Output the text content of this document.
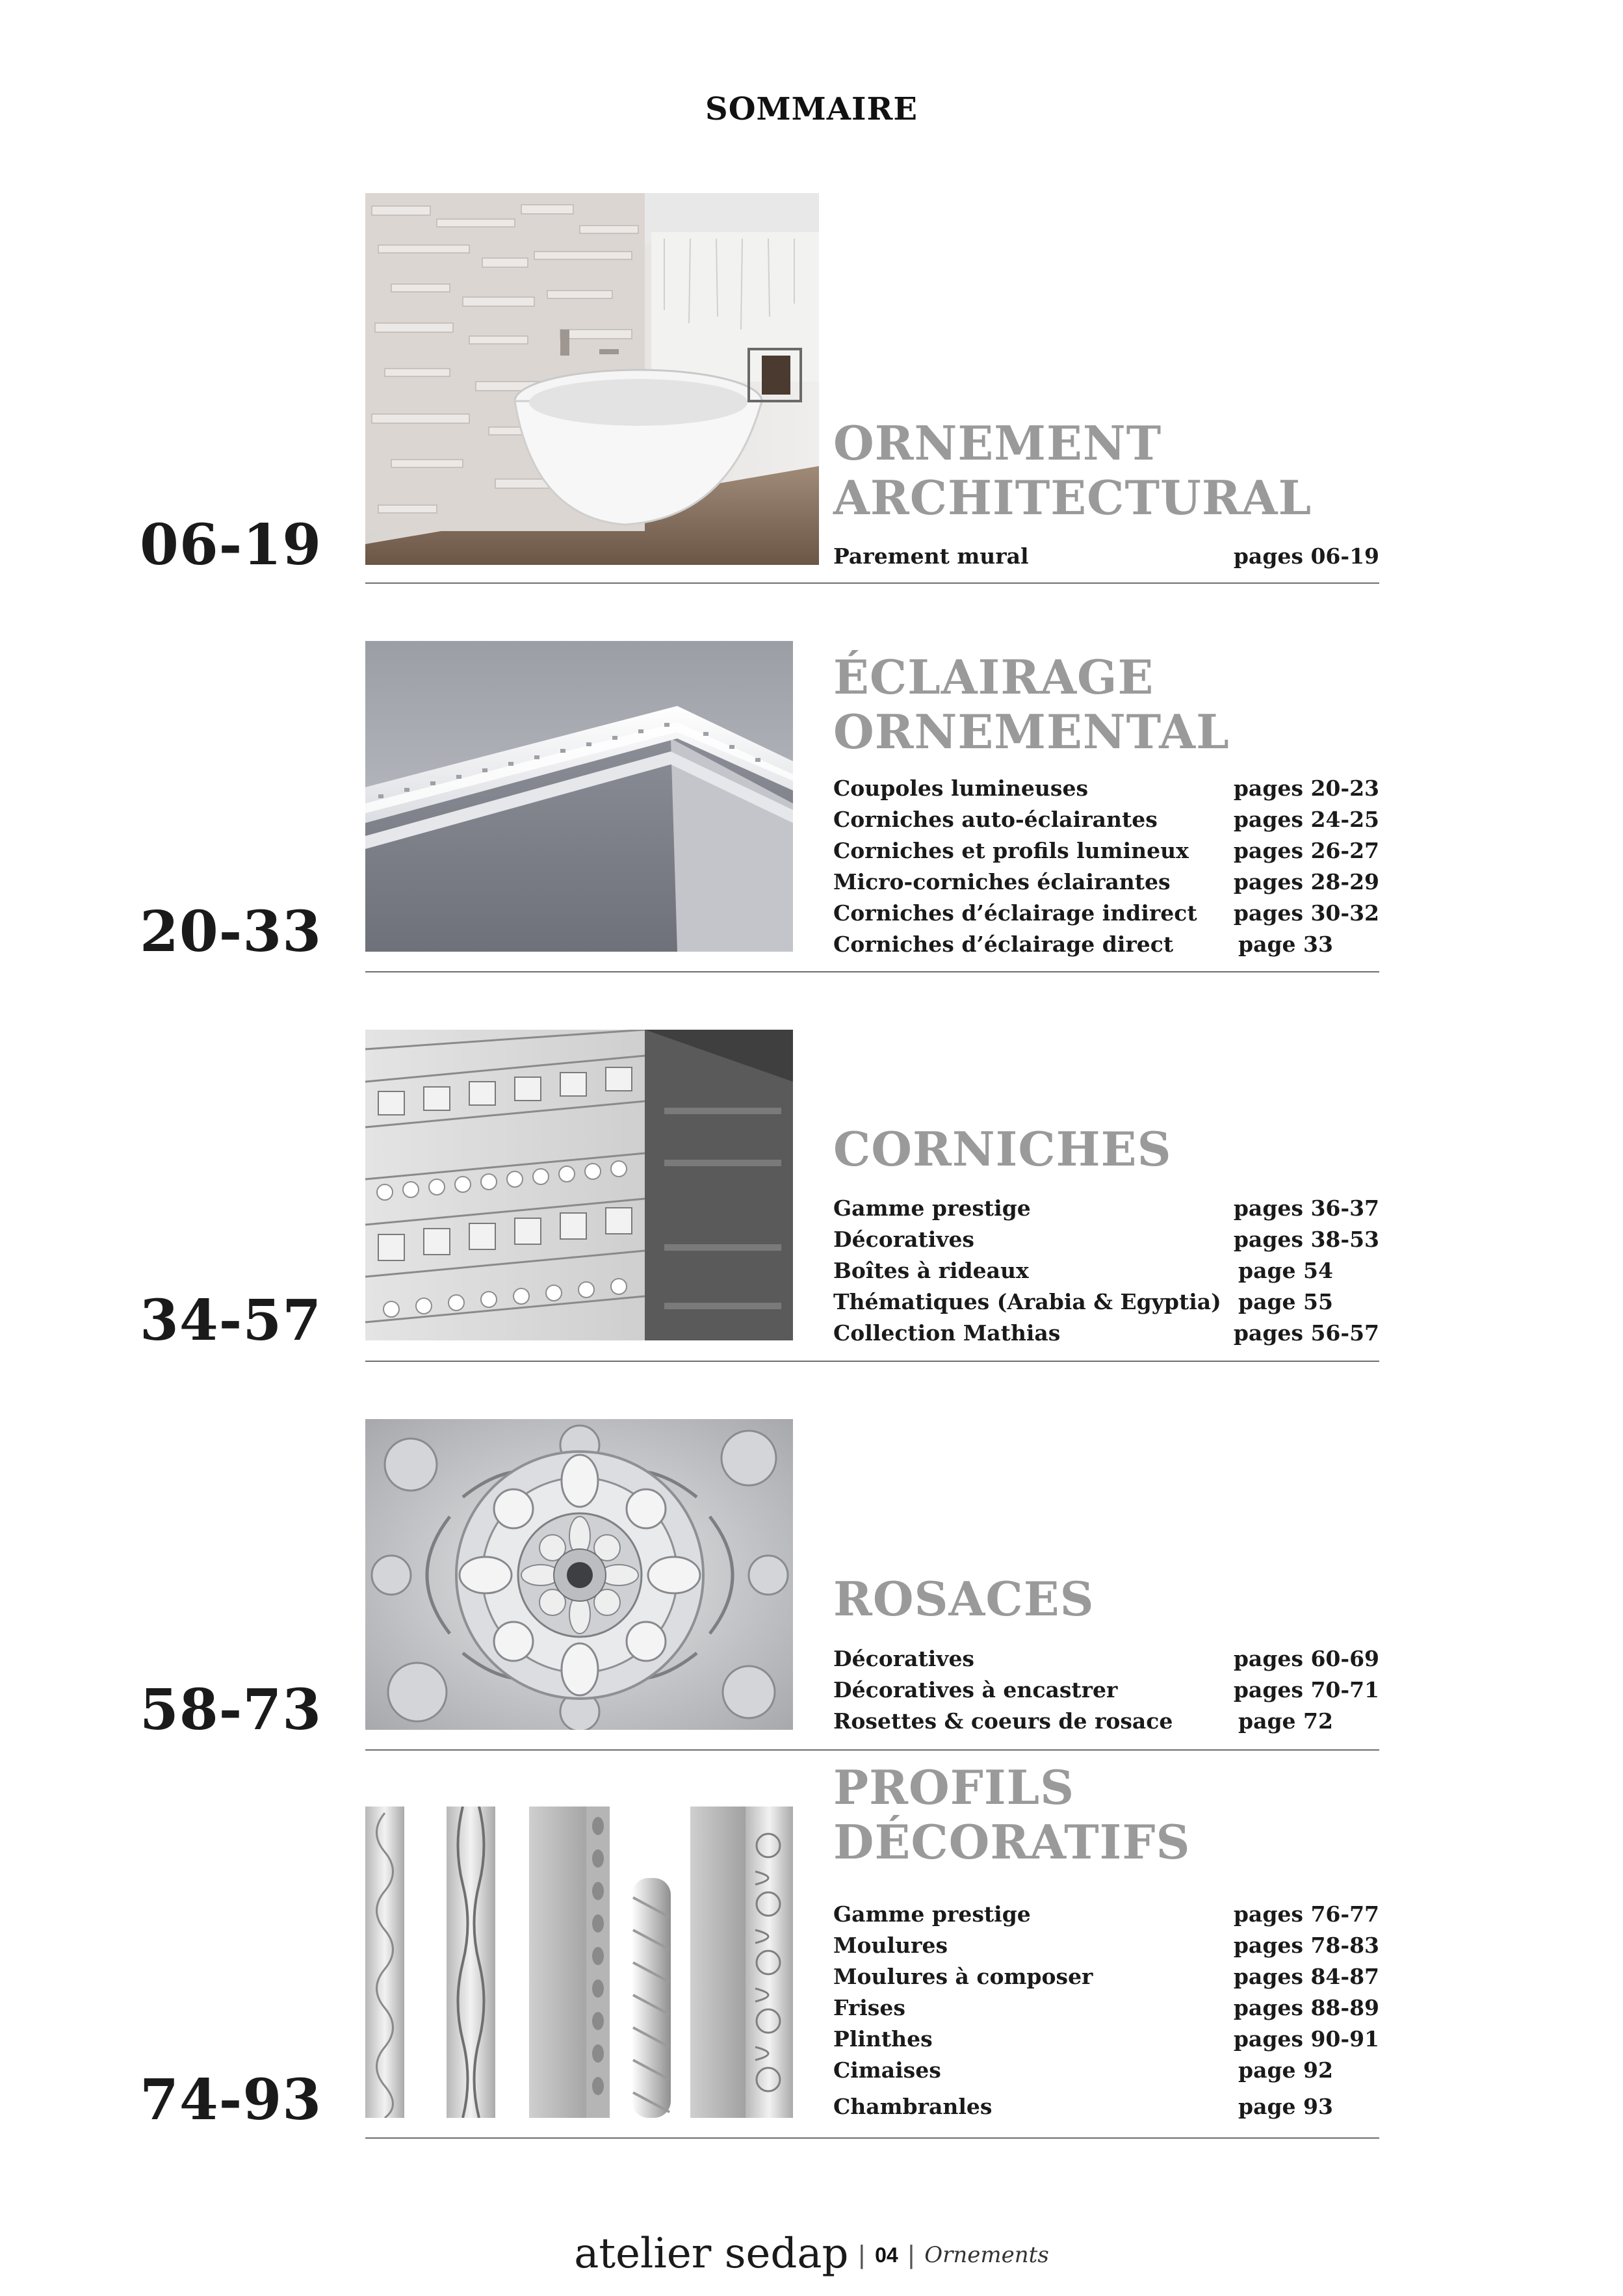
SOMMAIRE
06-19
ORNEMENT
ARCHITECTURAL
Parement mural	pages 06-19
20-33
ÉCLAIRAGE
ORNEMENTAL
Coupoles lumineuses	pages 20-23
Corniches auto-éclairantes	pages 24-25
Corniches et profils lumineux	pages 26-27
Micro-corniches éclairantes	pages 28-29
Corniches d’éclairage indirect	pages 30-32
Corniches d’éclairage direct	page 33
34-57
CORNICHES
Gamme prestige	pages 36-37
Décoratives	pages 38-53
Boîtes à rideaux	page 54
Thématiques (Arabia & Egyptia) page 55
Collection Mathias	pages 56-57
58-73
ROSACES
Décoratives	pages 60-69
Décoratives à encastrer	pages 70-71
Rosettes & coeurs de rosace	page 72
74-93
PROFILS
DÉCORATIFS
Gamme prestige	pages 76-77
Moulures	pages 78-83
Moulures à composer	pages 84-87
Frises	pages 88-89
Plinthes	pages 90-91
Cimaises	page 92
Chambranles	page 93
atelier sedap | 04 | Ornements
